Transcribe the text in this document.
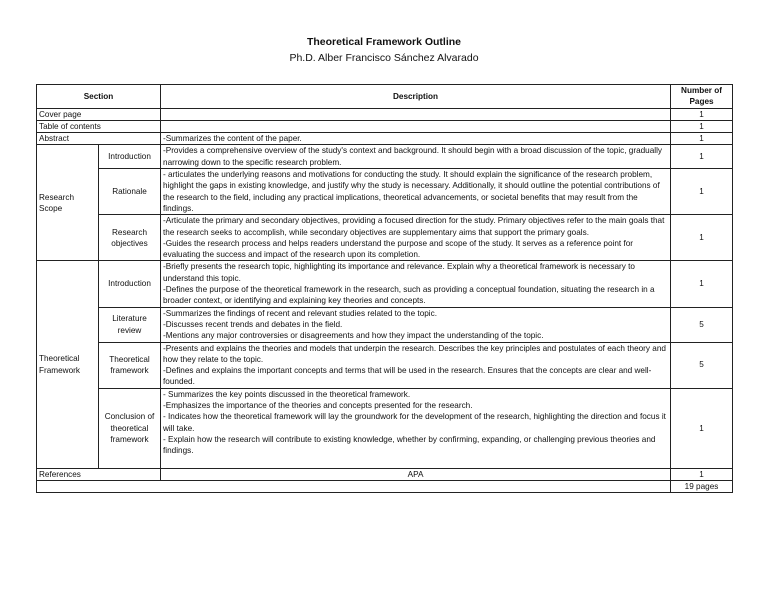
Theoretical Framework Outline
Ph.D. Alber Francisco Sánchez Alvarado
Section		Description	Number of Pages
Cover page			1
Table of contents			1
Abstract		-Summarizes the content of the paper.	1
Research Scope	Introduction	-Provides a comprehensive overview of the study's context and background. It should begin with a broad discussion of the topic, gradually narrowing down to the specific research problem.	1
	Rationale	- articulates the underlying reasons and motivations for conducting the study. It should explain the significance of the research problem, highlight the gaps in existing knowledge, and justify why the study is necessary. Additionally, it should outline the potential contributions of the research to the field, including any practical implications, theoretical advancements, or societal benefits that may result from the findings.	1
	Research objectives	-Articulate the primary and secondary objectives, providing a focused direction for the study. Primary objectives refer to the main goals that the research seeks to accomplish, while secondary objectives are supplementary aims that support the primary goals.
-Guides the research process and helps readers understand the purpose and scope of the study. It serves as a reference point for evaluating the success and impact of the research upon its completion.	1
Theoretical Framework	Introduction	-Briefly presents the research topic, highlighting its importance and relevance. Explain why a theoretical framework is necessary to understand this topic.
-Defines the purpose of the theoretical framework in the research, such as providing a conceptual foundation, situating the research in a broader context, or identifying and explaining key theories and concepts.	1
	Literature review	-Summarizes the findings of recent and relevant studies related to the topic.
-Discusses recent trends and debates in the field.
-Mentions any major controversies or disagreements and how they impact the understanding of the topic.	5
	Theoretical framework	-Presents and explains the theories and models that underpin the research. Describes the key principles and postulates of each theory and how they relate to the topic.
-Defines and explains the important concepts and terms that will be used in the research. Ensures that the concepts are clear and well-founded.	5
	Conclusion of theoretical framework	- Summarizes the key points discussed in the theoretical framework.
-Emphasizes the importance of the theories and concepts presented for the research.
- Indicates how the theoretical framework will lay the groundwork for the development of the research, highlighting the direction and focus it will take.
- Explain how the research will contribute to existing knowledge, whether by confirming, expanding, or challenging previous theories and findings.	1
References		APA	1
			19 pages
